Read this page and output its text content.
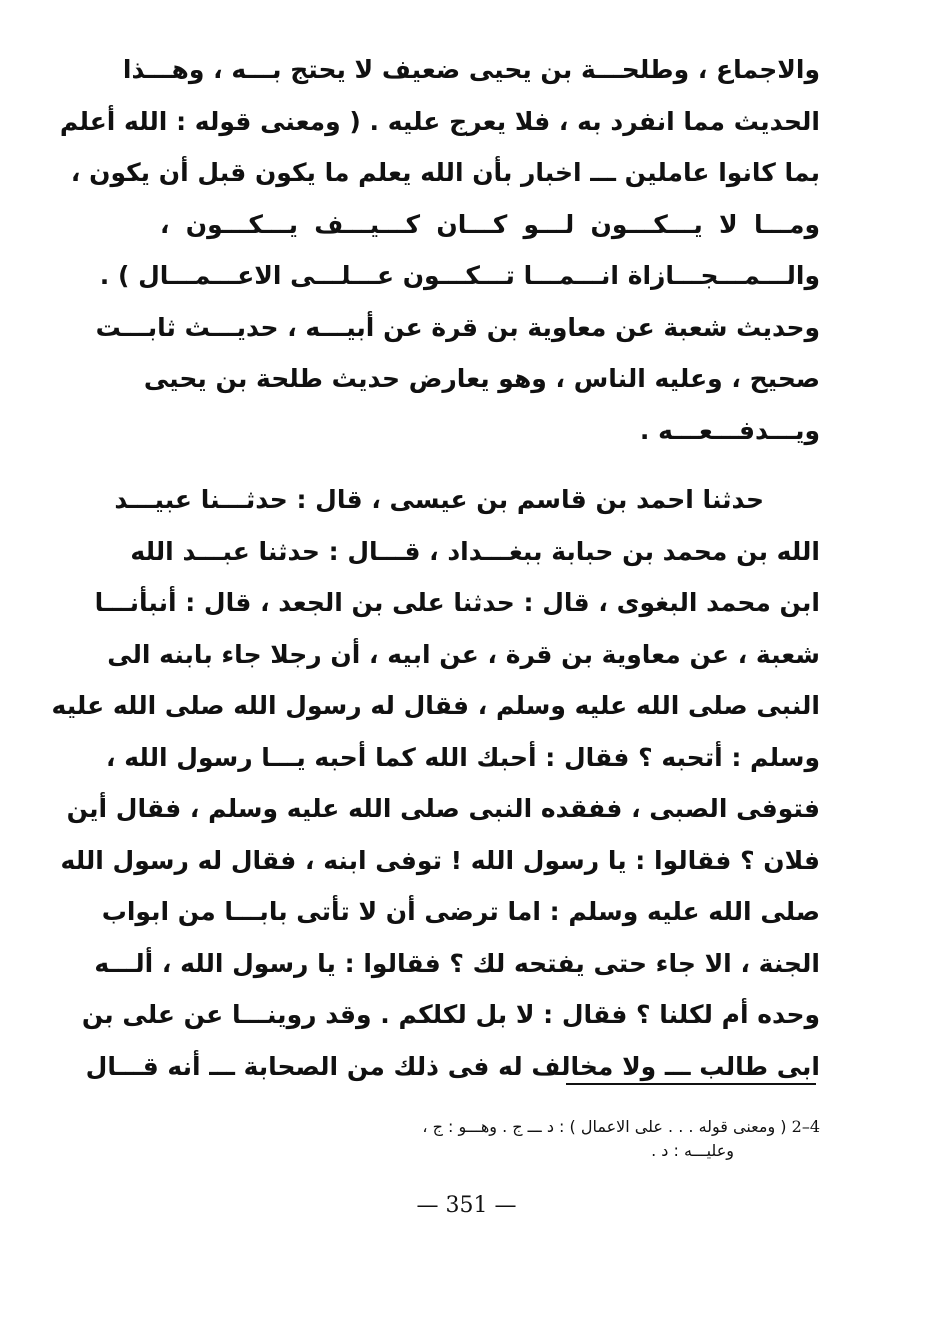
والاجماع ، وطلحـــة بن يحيى ضعيف لا يحتج بـــه ، وهـــذا
الحديث مما انفرد به ، فلا يعرج عليه . ( ومعنى قوله : الله أعلم
بما كانوا عاملين ـــ اخبار بأن الله يعلم ما يكون قبل أن يكون ،
ومـــا لا يـــكـــون لـــو كـــان كـــيـــف يـــكـــون ،
والـــمـــجـــازاة انـــمـــا تـــكـــون عـــلـــى الاعـــمـــال ) .
وحديث شعبة عن معاوية بن قرة عن أبيـــه ، حديـــث ثابـــت
صحيح ، وعليه الناس ، وهو يعارض حديث طلحة بن يحيى
ويـــدفـــعـــه .
حدثنا احمد بن قاسم بن عيسى ، قال : حدثـــنا عبيـــد
الله بن محمد بن حبابة ببغـــداد ، قـــال : حدثنا عبـــد الله
ابن محمد البغوى ، قال : حدثنا على بن الجعد ، قال : أنبأنـــا
شعبة ، عن معاوية بن قرة ، عن ابيه ، أن رجلا جاء بابنه الى
النبى صلى الله عليه وسلم ، فقال له رسول الله صلى الله عليه
وسلم : أتحبه ؟ فقال : أحبك الله كما أحبه يـــا رسول الله ،
فتوفى الصبى ، ففقده النبى صلى الله عليه وسلم ، فقال أين
فلان ؟ فقالوا : يا رسول الله ! توفى ابنه ، فقال له رسول الله
صلى الله عليه وسلم : اما ترضى أن لا تأتى بابـــا من ابواب
الجنة ، الا جاء حتى يفتحه لك ؟ فقالوا : يا رسول الله ، ألـــه
وحده أم لكلنا ؟ فقال : لا بل لكلكم . وقد روينـــا عن على بن
ابى طالب ـــ ولا مخالف له فى ذلك من الصحابة ـــ أنه قـــال
4–2 ( ومعنى قوله . . . على الاعمال ) : د ـــ ج . وهـــو : ج ،
وعليـــه : د .
— 351 —
